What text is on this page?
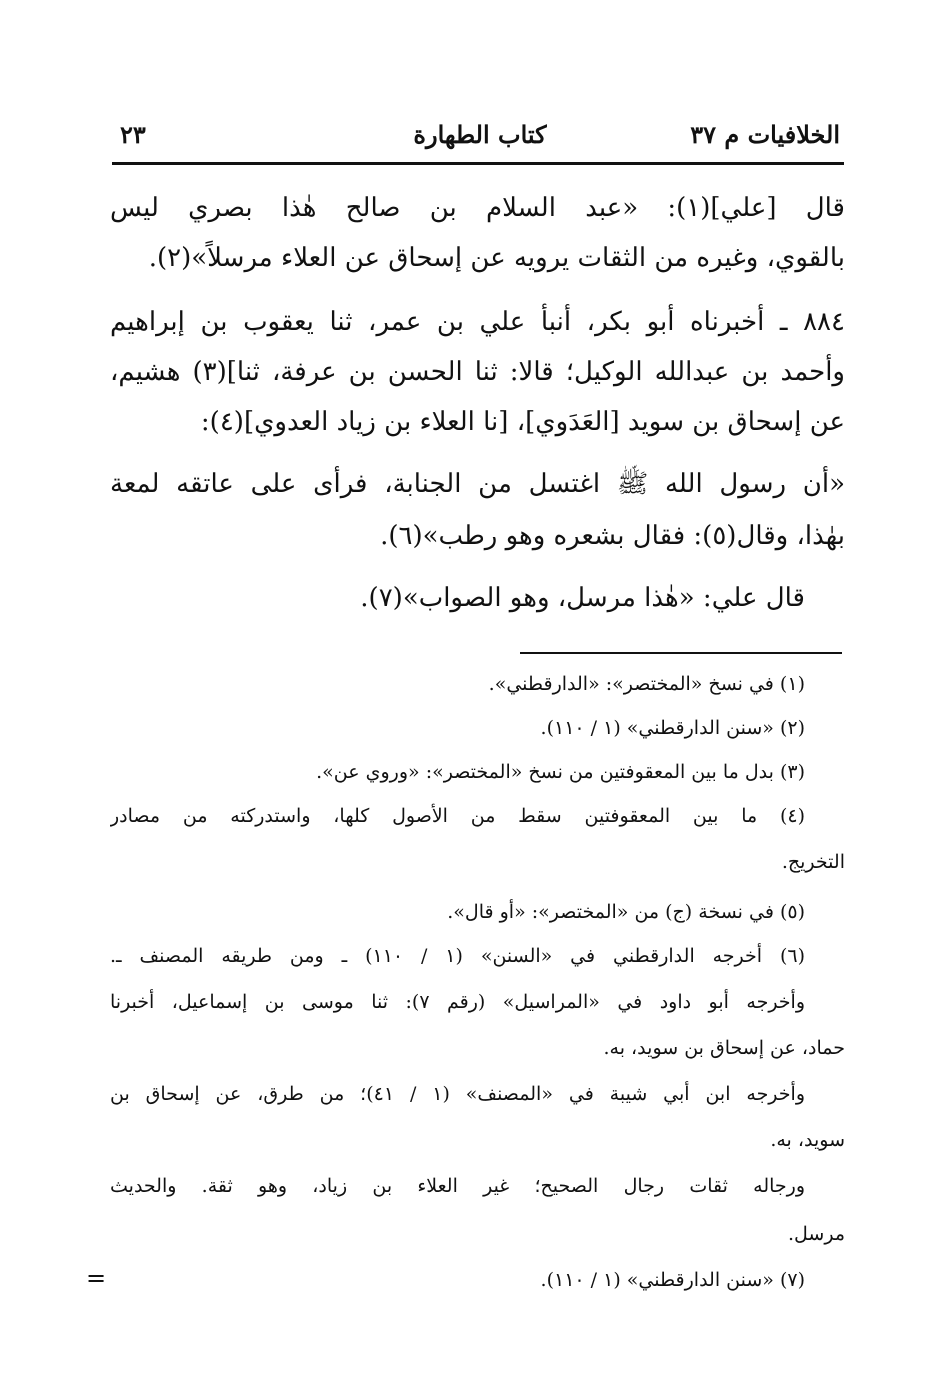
الخلافيات م ٣٧
كتاب الطهارة
٢٣
قال [علي](١): «عبد السلام بن صالح هٰذا بصري ليس
بالقوي، وغيره من الثقات يرويه عن إسحاق عن العلاء مرسلاً»(٢).
٨٨٤ ـ أخبرناه أبو بكر، أنبأ علي بن عمر، ثنا يعقوب بن إبراهيم
وأحمد بن عبدالله الوكيل؛ قالا: ثنا الحسن بن عرفة، ثنا](٣) هشيم،
عن إسحاق بن سويد [العَدَوي]، [نا العلاء بن زياد العدوي](٤):
«أن رسول الله ﷺ اغتسل من الجنابة، فرأى على عاتقه لمعة
بهٰذا، وقال(٥): فقال بشعره وهو رطب»(٦).
قال علي: «هٰذا مرسل، وهو الصواب»(٧).
(١) في نسخ «المختصر»: «الدارقطني».
(٢) «سنن الدارقطني» (١ / ١١٠).
(٣) بدل ما بين المعقوفتين من نسخ «المختصر»: «وروي عن».
(٤) ما بين المعقوفتين سقط من الأصول كلها، واستدركته من مصادر
التخريج.
(٥) في نسخة (ج) من «المختصر»: «أو قال».
(٦) أخرجه الدارقطني في «السنن» (١ / ١١٠) ـ ومن طريقه المصنف ـ.
وأخرجه أبو داود في «المراسيل» (رقم ٧): ثنا موسى بن إسماعيل، أخبرنا
حماد، عن إسحاق بن سويد، به.
وأخرجه ابن أبي شيبة في «المصنف» (١ / ٤١)؛ من طرق، عن إسحاق بن
سويد، به.
ورجاله ثقات رجال الصحيح؛ غير العلاء بن زياد، وهو ثقة. والحديث
مرسل.
(٧) «سنن الدارقطني» (١ / ١١٠).
=
